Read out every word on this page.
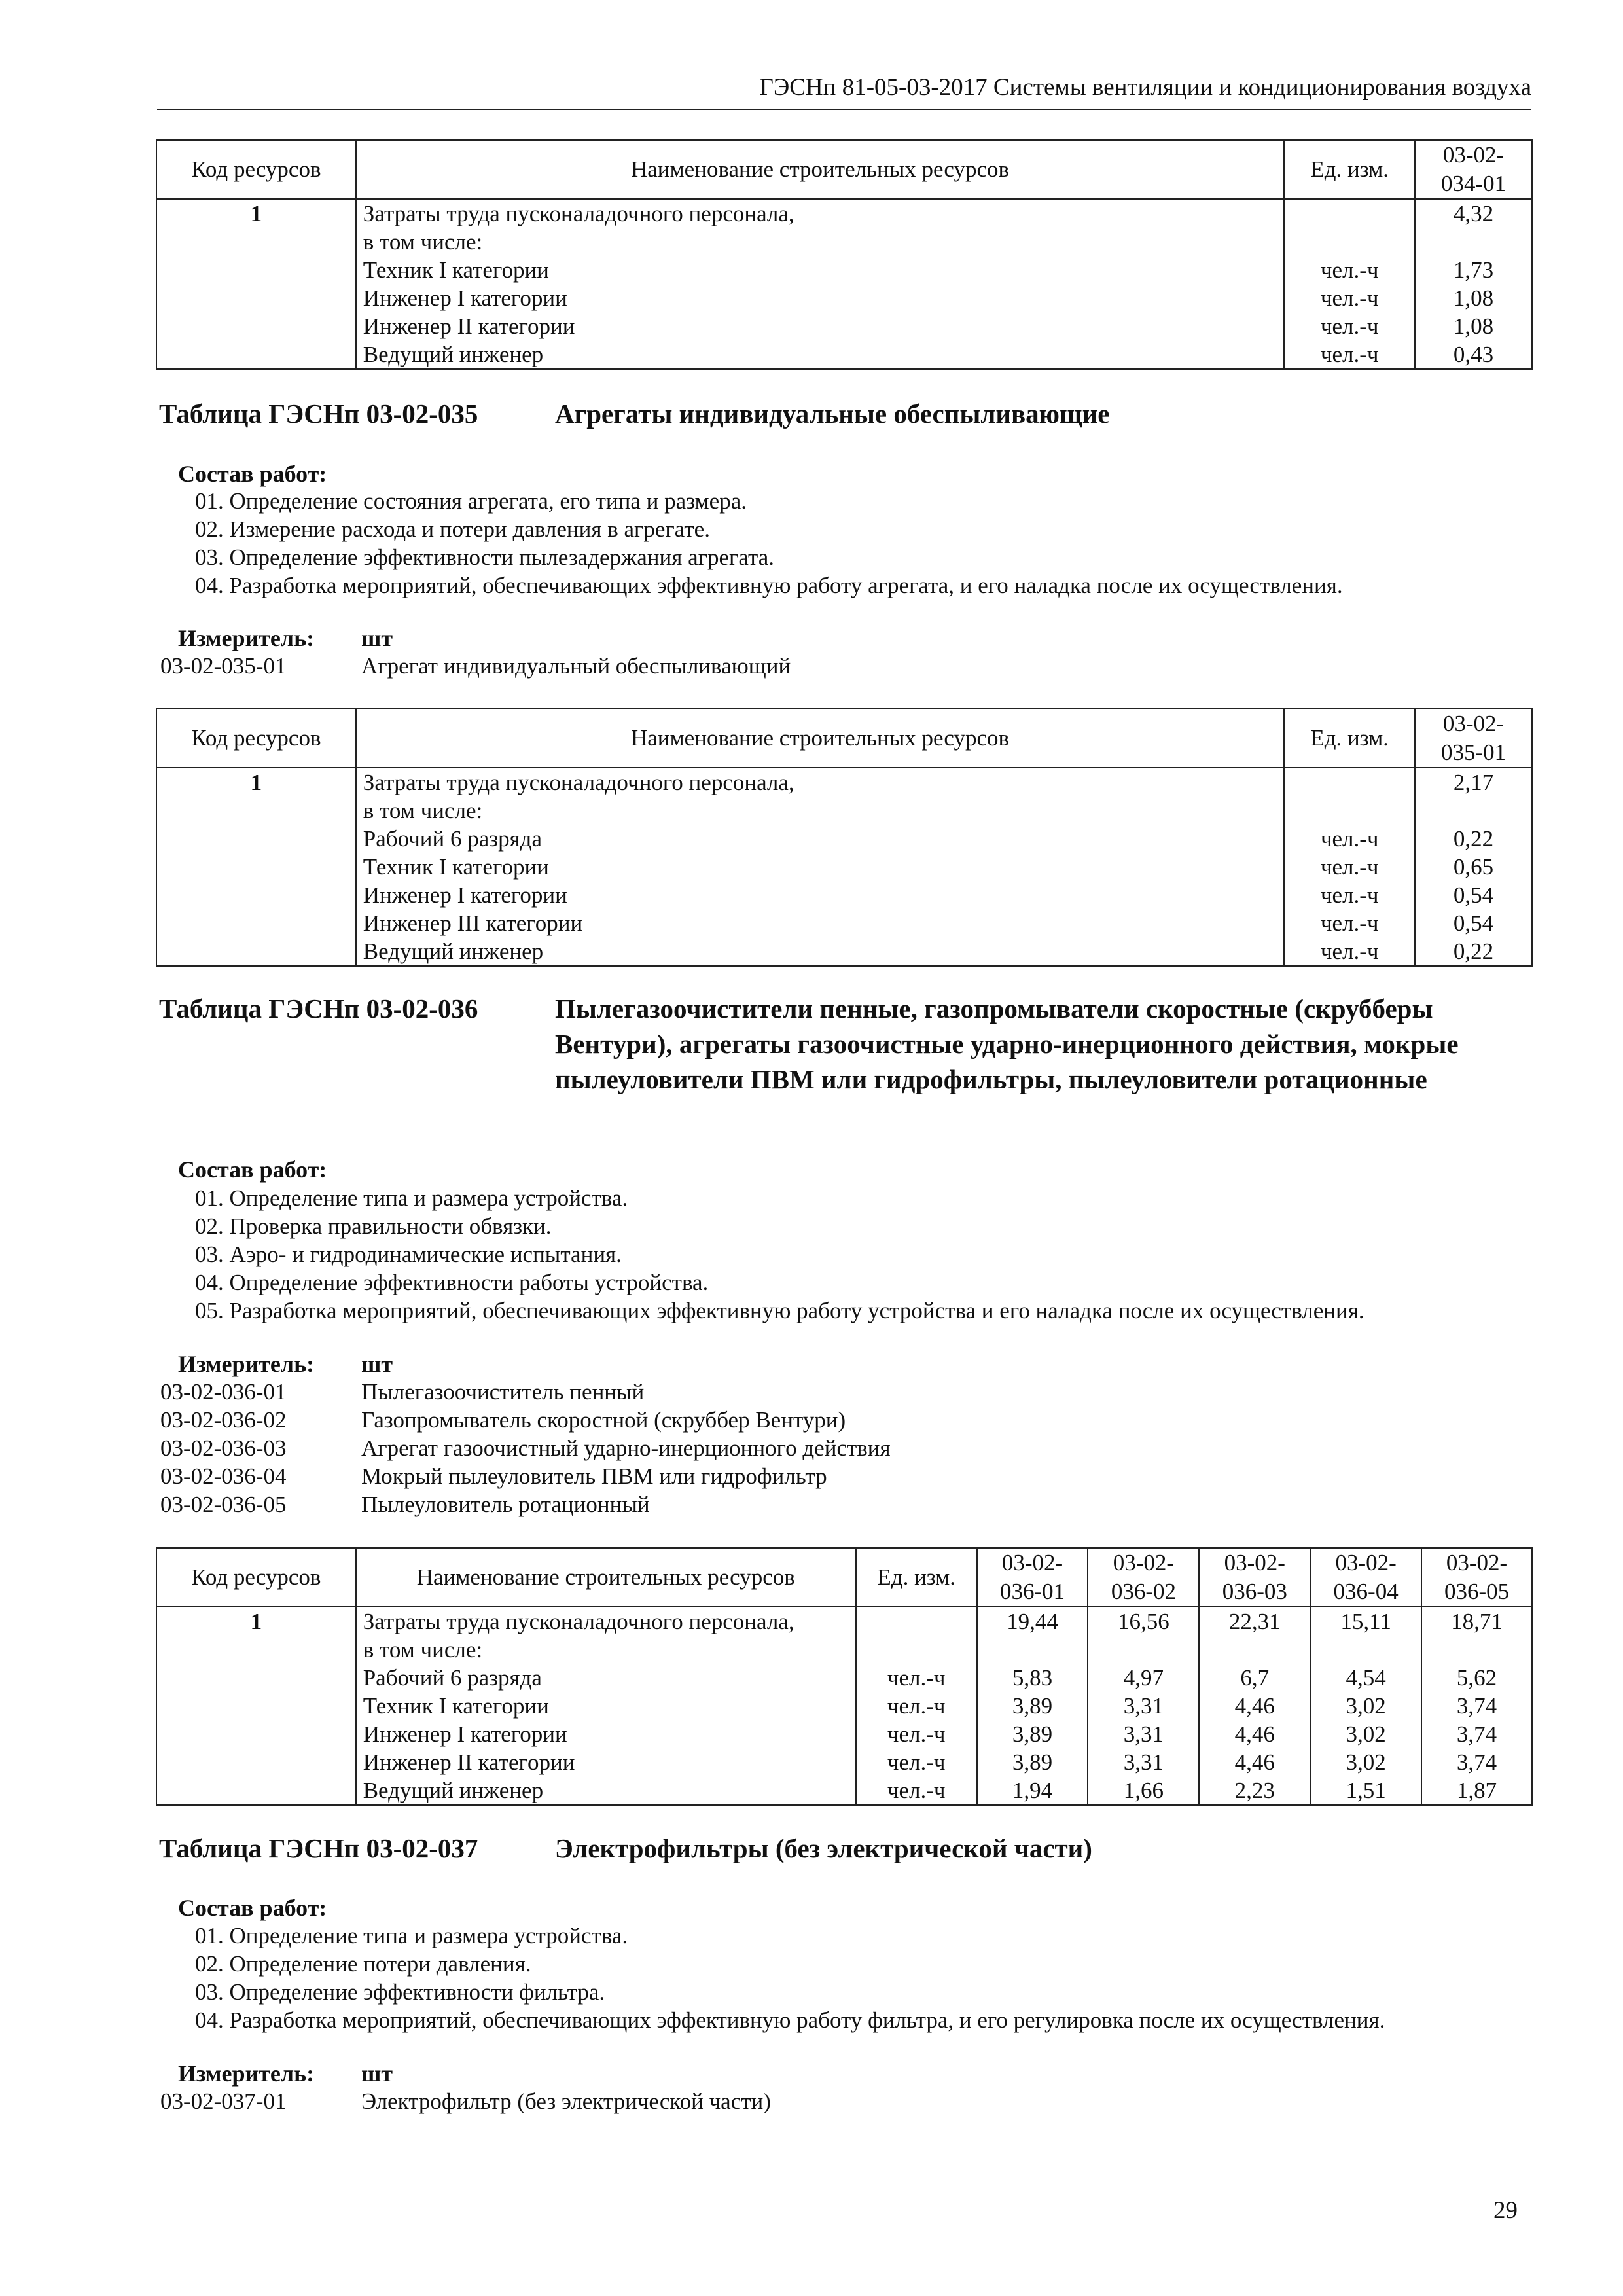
ГЭСНп 81-05-03-2017 Системы вентиляции и кондиционирования воздуха
Код ресурсов	Наименование строительных ресурсов	Ед. изм.	03-02-034-01
1	Затраты труда пусконаладочного персонала,		4,32
	в том числе:		
	Техник I категории	чел.-ч	1,73
	Инженер I категории	чел.-ч	1,08
	Инженер II категории	чел.-ч	1,08
	Ведущий инженер	чел.-ч	0,43
Таблица ГЭСНп 03-02-035	Агрегаты индивидуальные обеспыливающие
Состав работ:
01. Определение состояния агрегата, его типа и размера.
02. Измерение расхода и потери давления в агрегате.
03. Определение эффективности пылезадержания агрегата.
04. Разработка мероприятий, обеспечивающих эффективную работу агрегата, и его наладка после их осуществления.
Измеритель: шт
03-02-035-01	Агрегат индивидуальный обеспыливающий
Код ресурсов	Наименование строительных ресурсов	Ед. изм.	03-02-035-01
1	Затраты труда пусконаладочного персонала,		2,17
	в том числе:		
	Рабочий 6 разряда	чел.-ч	0,22
	Техник I категории	чел.-ч	0,65
	Инженер I категории	чел.-ч	0,54
	Инженер III категории	чел.-ч	0,54
	Ведущий инженер	чел.-ч	0,22
Таблица ГЭСНп 03-02-036	Пылегазоочистители пенные, газопромыватели скоростные (скрубберы Вентури), агрегаты газоочистные ударно-инерционного действия, мокрые пылеуловители ПВМ или гидрофильтры, пылеуловители ротационные
Состав работ:
01. Определение типа и размера устройства.
02. Проверка правильности обвязки.
03. Аэро- и гидродинамические испытания.
04. Определение эффективности работы устройства.
05. Разработка мероприятий, обеспечивающих эффективную работу устройства и его наладка после их осуществления.
Измеритель: шт
03-02-036-01	Пылегазоочиститель пенный
03-02-036-02	Газопромыватель скоростной (скруббер Вентури)
03-02-036-03	Агрегат газоочистный ударно-инерционного действия
03-02-036-04	Мокрый пылеуловитель ПВМ или гидрофильтр
03-02-036-05	Пылеуловитель ротационный
Код ресурсов	Наименование строительных ресурсов	Ед. изм.	03-02-036-01	03-02-036-02	03-02-036-03	03-02-036-04	03-02-036-05
1	Затраты труда пусконаладочного персонала,		19,44	16,56	22,31	15,11	18,71
	в том числе:						
	Рабочий 6 разряда	чел.-ч	5,83	4,97	6,7	4,54	5,62
	Техник I категории	чел.-ч	3,89	3,31	4,46	3,02	3,74
	Инженер I категории	чел.-ч	3,89	3,31	4,46	3,02	3,74
	Инженер II категории	чел.-ч	3,89	3,31	4,46	3,02	3,74
	Ведущий инженер	чел.-ч	1,94	1,66	2,23	1,51	1,87
Таблица ГЭСНп 03-02-037	Электрофильтры (без электрической части)
Состав работ:
01. Определение типа и размера устройства.
02. Определение потери давления.
03. Определение эффективности фильтра.
04. Разработка мероприятий, обеспечивающих эффективную работу фильтра, и его регулировка после их осуществления.
Измеритель: шт
03-02-037-01	Электрофильтр (без электрической части)
29
